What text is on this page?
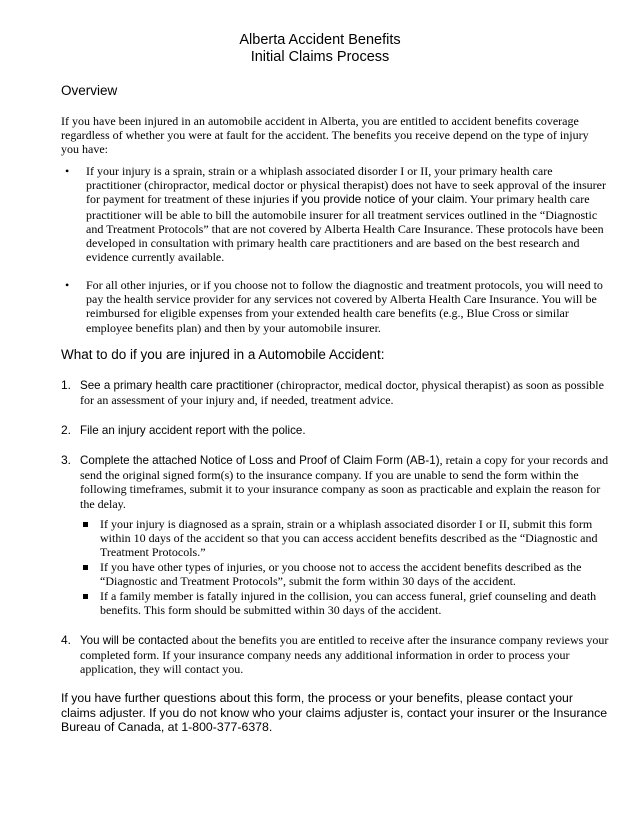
Alberta Accident Benefits
Initial Claims Process
Overview

If you have been injured in an automobile accident in Alberta, you are entitled to accident benefits coverage regardless of whether you were at fault for the accident. The benefits you receive depend on the type of injury you have:

• If your injury is a sprain, strain or a whiplash associated disorder I or II, your primary health care practitioner (chiropractor, medical doctor or physical therapist) does not have to seek approval of the insurer for payment for treatment of these injuries if you provide notice of your claim. Your primary health care practitioner will be able to bill the automobile insurer for all treatment services outlined in the “Diagnostic and Treatment Protocols” that are not covered by Alberta Health Care Insurance. These protocols have been developed in consultation with primary health care practitioners and are based on the best research and evidence currently available.
• For all other injuries, or if you choose not to follow the diagnostic and treatment protocols, you will need to pay the health service provider for any services not covered by Alberta Health Care Insurance. You will be reimbursed for eligible expenses from your extended health care benefits (e.g., Blue Cross or similar employee benefits plan) and then by your automobile insurer.
What to do if you are injured in a Automobile Accident:
1. See a primary health care practitioner (chiropractor, medical doctor, physical therapist) as soon as possible for an assessment of your injury and, if needed, treatment advice.
2. File an injury accident report with the police.
3. Complete the attached Notice of Loss and Proof of Claim Form (AB-1), retain a copy for your records and send the original signed form(s) to the insurance company. If you are unable to send the form within the following timeframes, submit it to your insurance company as soon as practicable and explain the reason for the delay.
If your injury is diagnosed as a sprain, strain or a whiplash associated disorder I or II, submit this form within 10 days of the accident so that you can access accident benefits described as the “Diagnostic and Treatment Protocols.”
If you have other types of injuries, or you choose not to access the accident benefits described as the “Diagnostic and Treatment Protocols”, submit the form within 30 days of the accident.
If a family member is fatally injured in the collision, you can access funeral, grief counseling and death benefits. This form should be submitted within 30 days of the accident.
4. You will be contacted about the benefits you are entitled to receive after the insurance company reviews your completed form. If your insurance company needs any additional information in order to process your application, they will contact you.

If you have further questions about this form, the process or your benefits, please contact your claims adjuster. If you do not know who your claims adjuster is, contact your insurer or the Insurance Bureau of Canada, at 1-800-377-6378.
